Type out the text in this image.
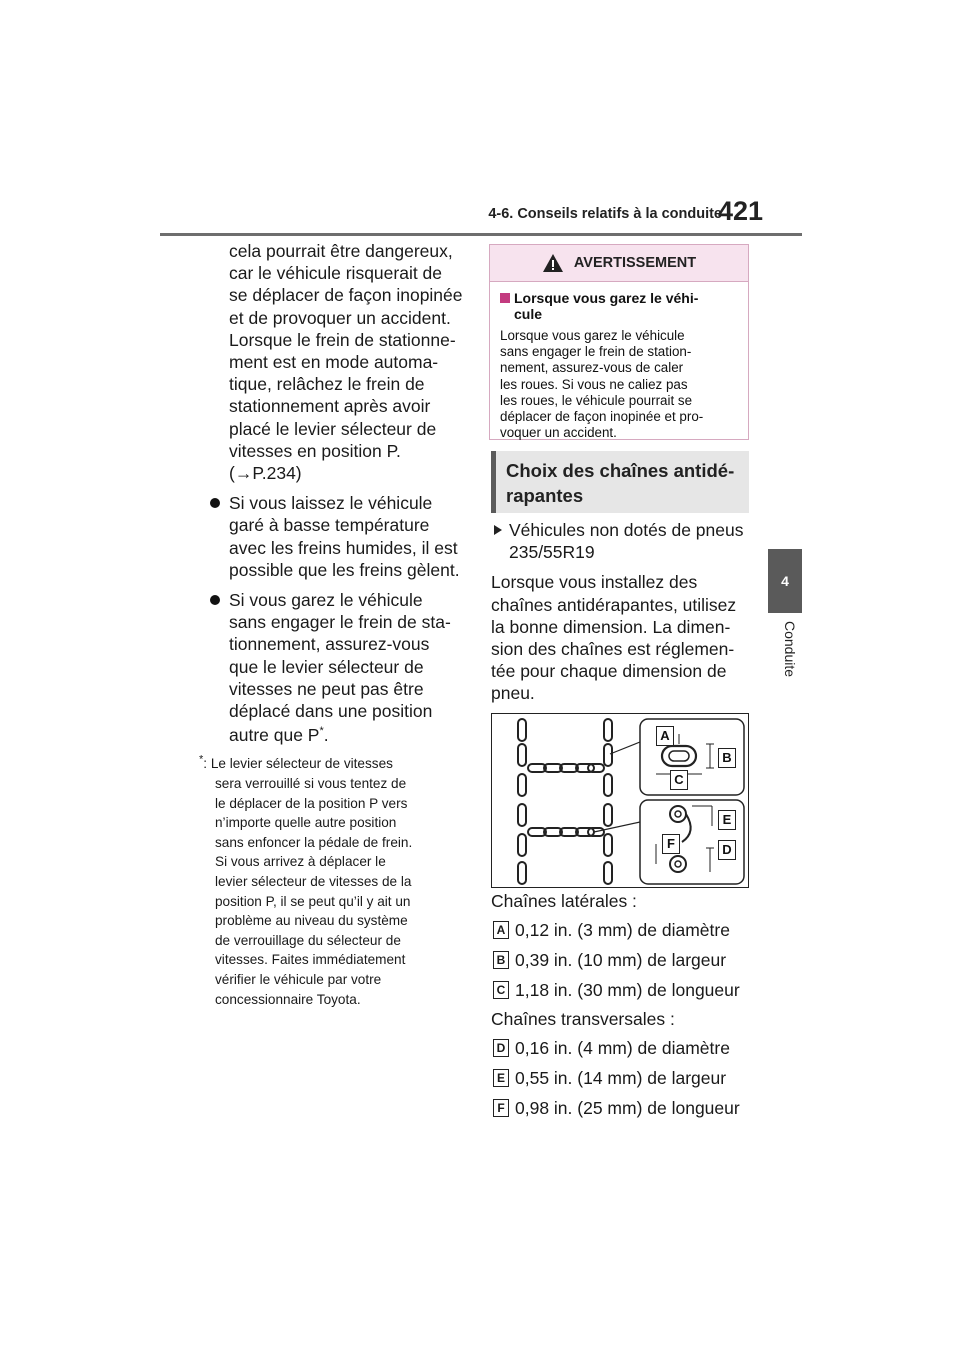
4-6. Conseils relatifs à la conduite
421
4
Conduite
cela pourrait être dangereux,
car le véhicule risquerait de
se déplacer de façon inopinée
et de provoquer un accident.
Lorsque le frein de stationne-
ment est en mode automa-
tique, relâchez le frein de
stationnement après avoir
placé le levier sélecteur de
vitesses en position P.
(→P.234)
Si vous laissez le véhicule
garé à basse température
avec les freins humides, il est
possible que les freins gèlent.
Si vous garez le véhicule
sans engager le frein de sta-
tionnement, assurez-vous
que le levier sélecteur de
vitesses ne peut pas être
déplacé dans une position
autre que P*.
*: Le levier sélecteur de vitesses
sera verrouillé si vous tentez de
le déplacer de la position P vers
n’importe quelle autre position
sans enfoncer la pédale de frein.
Si vous arrivez à déplacer le
levier sélecteur de vitesses de la
position P, il se peut qu’il y ait un
problème au niveau du système
de verrouillage du sélecteur de
vitesses. Faites immédiatement
vérifier le véhicule par votre
concessionnaire Toyota.
AVERTISSEMENT
Lorsque vous garez le véhi-
cule
Lorsque vous garez le véhicule
sans engager le frein de station-
nement, assurez-vous de caler
les roues. Si vous ne caliez pas
les roues, le véhicule pourrait se
déplacer de façon inopinée et pro-
voquer un accident.
Choix des chaînes antidé-
rapantes
Véhicules non dotés de pneus
235/55R19
Lorsque vous installez des
chaînes antidérapantes, utilisez
la bonne dimension. La dimen-
sion des chaînes est réglemen-
tée pour chaque dimension de
pneu.
A
B
C
E
F	D
Chaînes latérales :
A 0,12 in. (3 mm) de diamètre
B 0,39 in. (10 mm) de largeur
C 1,18 in. (30 mm) de longueur
Chaînes transversales :
D 0,16 in. (4 mm) de diamètre
E 0,55 in. (14 mm) de largeur
F 0,98 in. (25 mm) de longueur
